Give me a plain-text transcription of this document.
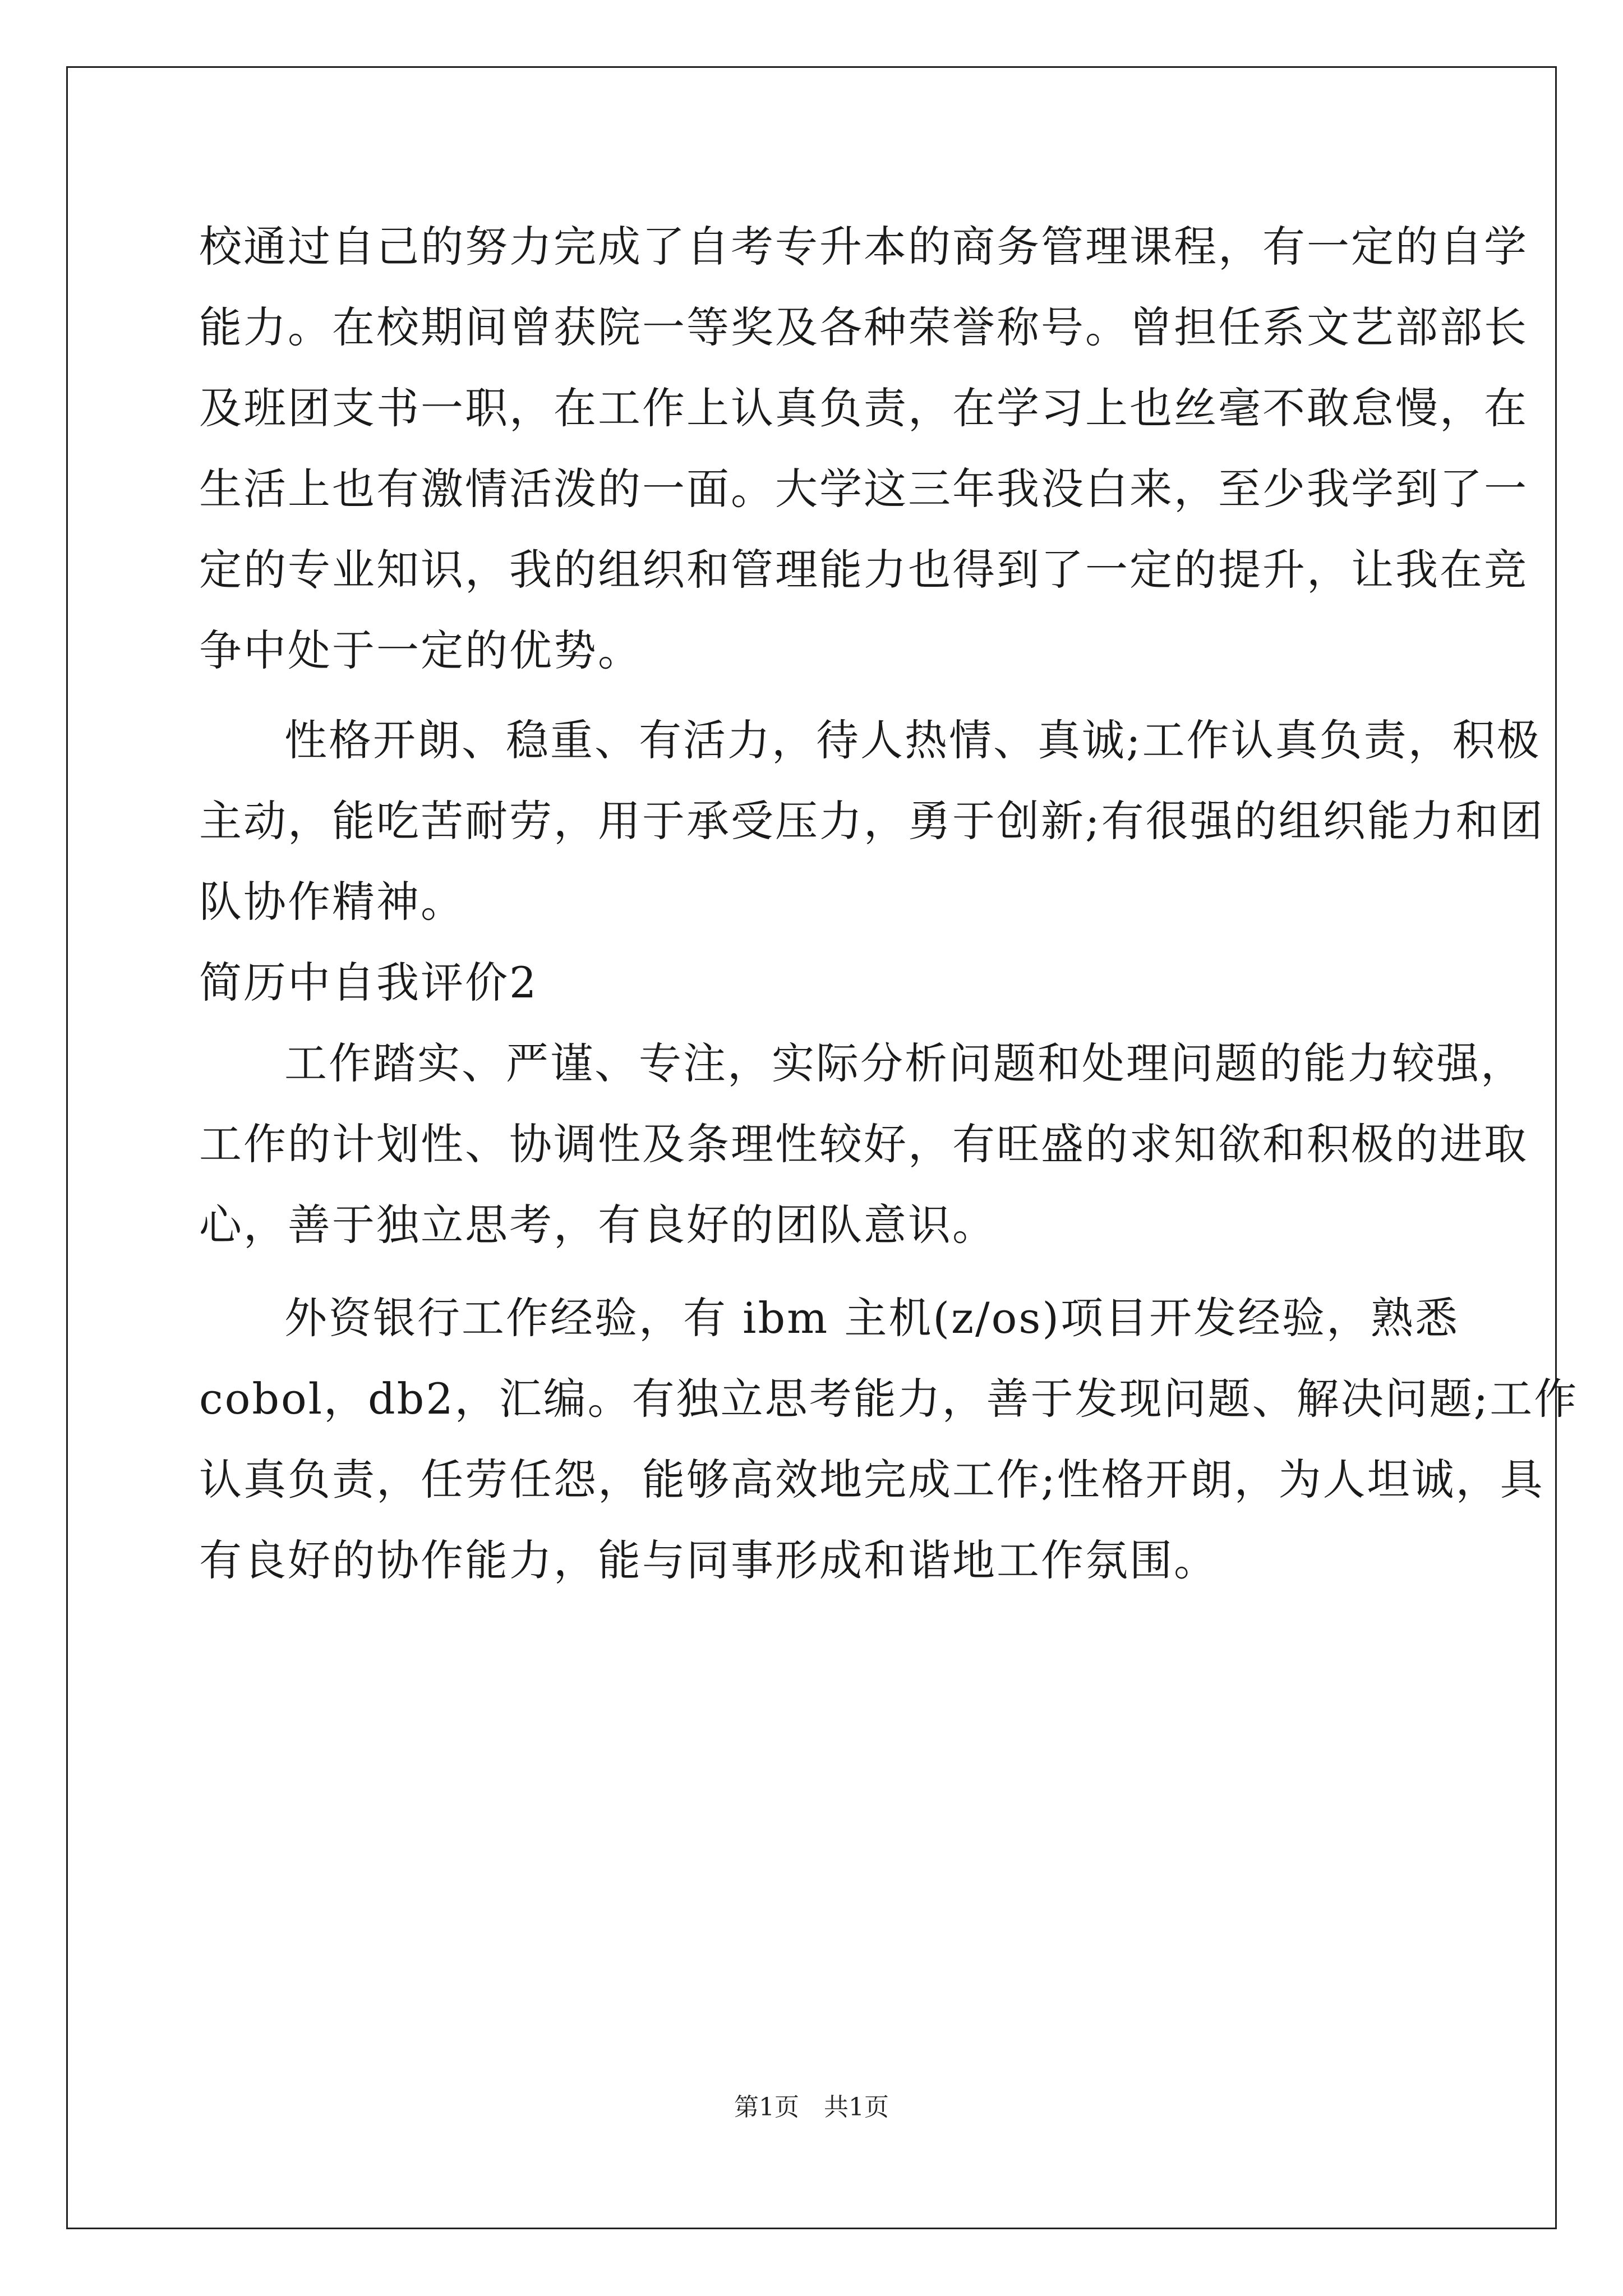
校通过自己的努力完成了自考专升本的商务管理课程，有一定的自学
能力。在校期间曾获院一等奖及各种荣誉称号。曾担任系文艺部部长
及班团支书一职，在工作上认真负责，在学习上也丝毫不敢怠慢，在
生活上也有激情活泼的一面。大学这三年我没白来，至少我学到了一
定的专业知识，我的组织和管理能力也得到了一定的提升，让我在竞
争中处于一定的优势。
性格开朗、稳重、有活力，待人热情、真诚;工作认真负责，积极
主动，能吃苦耐劳，用于承受压力，勇于创新;有很强的组织能力和团
队协作精神。
简历中自我评价2
工作踏实、严谨、专注，实际分析问题和处理问题的能力较强，
工作的计划性、协调性及条理性较好，有旺盛的求知欲和积极的进取
心，善于独立思考，有良好的团队意识。
外资银行工作经验，有 ibm 主机(z/os)项目开发经验，熟悉
cobol，db2，汇编。有独立思考能力，善于发现问题、解决问题;工作
认真负责，任劳任怨，能够高效地完成工作;性格开朗，为人坦诚，具
有良好的协作能力，能与同事形成和谐地工作氛围。
第1页　共1页
